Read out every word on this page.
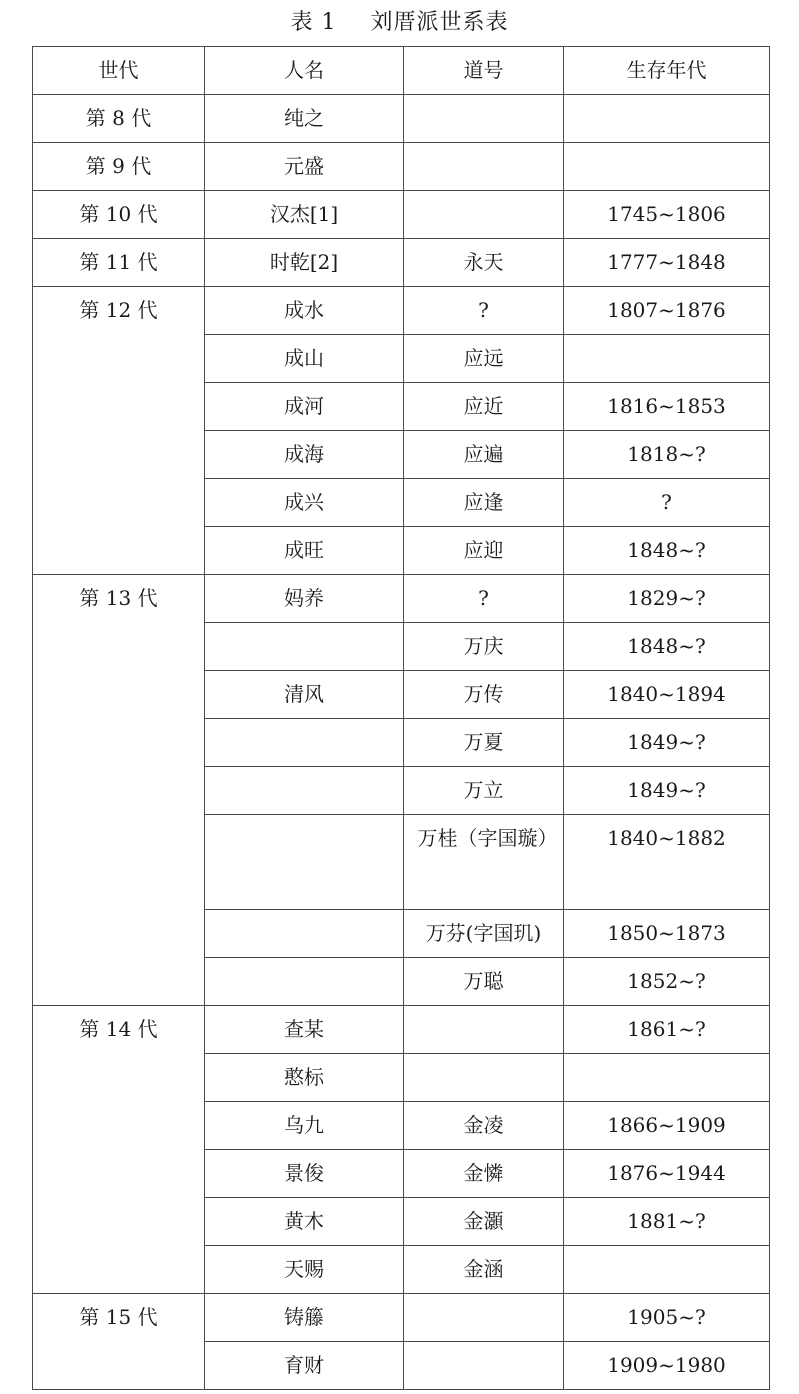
表 1 刘厝派世系表
世代	人名	道号	生存年代
第 8 代	纯之		
第 9 代	元盛		
第 10 代	汉杰[1]		1745~1806
第 11 代	时乾[2]	永天	1777~1848
第 12 代	成水	?	1807~1876
	成山	应远	
	成河	应近	1816~1853
	成海	应遍	1818~?
	成兴	应逢	?
	成旺	应迎	1848~?
第 13 代	妈养	?	1829~?
		万庆	1848~?
	清风	万传	1840~1894
		万夏	1849~?
		万立	1849~?
		万桂（字国璇）	1840~1882
		万芬(字国玑)	1850~1873
		万聪	1852~?
第 14 代	查某		1861~?
	憨标		
	乌九	金凌	1866~1909
	景俊	金憐	1876~1944
	黄木	金灝	1881~?
	天赐	金涵	
第 15 代	铸籐		1905~?
	育财		1909~1980
